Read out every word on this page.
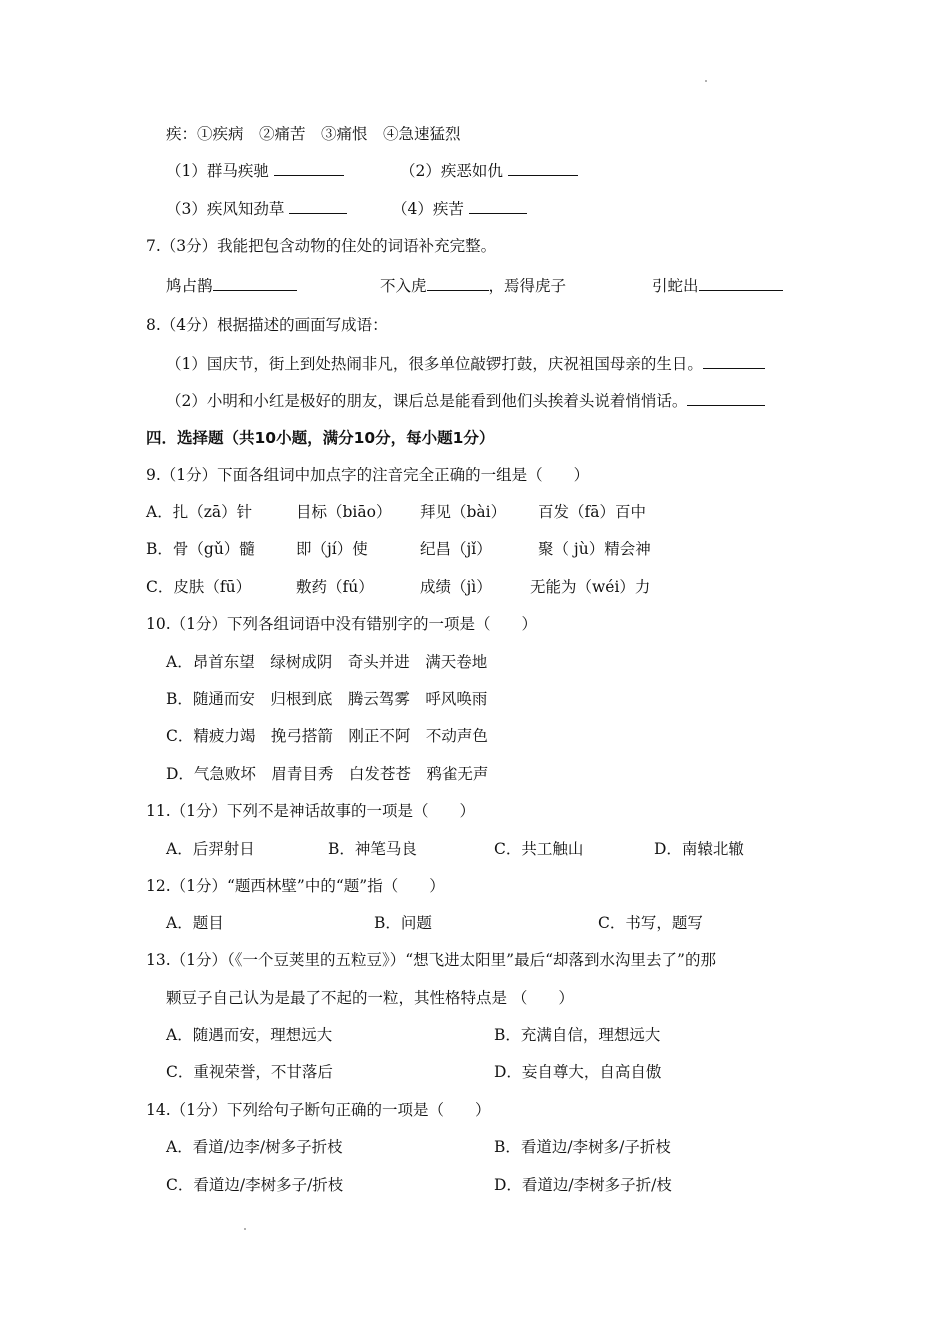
疾：①疾病　②痛苦　③痛恨　④急速猛烈
（1）群马疾驰	（2）疾恶如仇
（3）疾风知劲草	（4）疾苦
7.（3分）我能把包含动物的住处的词语补充完整。
鸠占鹊	不入虎	，焉得虎子	引蛇出
8.（4分）根据描述的画面写成语：
（1）国庆节，街上到处热闹非凡，很多单位敲锣打鼓，庆祝祖国母亲的生日。
（2）小明和小红是极好的朋友，课后总是能看到他们头挨着头说着悄悄话。
四．选择题（共10小题，满分10分，每小题1分）
9.（1分）下面各组词中加点字的注音完全正确的一组是（　　）
A．扎（zā）针	目标（biāo） 拜见（bài） 百发（fā）百中
B．骨（gǔ）髓	即（jí）使	纪昌（jǐ）	聚（ jù）精会神
C．皮肤（fū）	敷药（fú）	成绩（jì） 无能为（wéi）力
10.（1分）下列各组词语中没有错别字的一项是（　　）
A．昂首东望　绿树成阴　奇头并进　满天卷地
B．随通而安　归根到底　腾云驾雾　呼风唤雨
C．精疲力竭　挽弓搭箭　刚正不阿　不动声色
D．气急败坏　眉青目秀　白发苍苍　鸦雀无声
11.（1分）下列不是神话故事的一项是（　　）
A．后羿射日	B．神笔马良	C．共工触山	D．南辕北辙
12.（1分）“题西林壁”中的“题”指（　　）
A．题目	B．问题	C．书写，题写
13.（1分）（《一个豆荚里的五粒豆》）“想飞进太阳里”最后“却落到水沟里去了”的那
颗豆子自己认为是最了不起的一粒，其性格特点是 （　　）
A．随遇而安，理想远大	B．充满自信，理想远大
C．重视荣誉，不甘落后	D．妄自尊大，自高自傲
14.（1分）下列给句子断句正确的一项是（　　）
A．看道/边李/树多子折枝	B．看道边/李树多/子折枝
C．看道边/李树多子/折枝	D．看道边/李树多子折/枝
